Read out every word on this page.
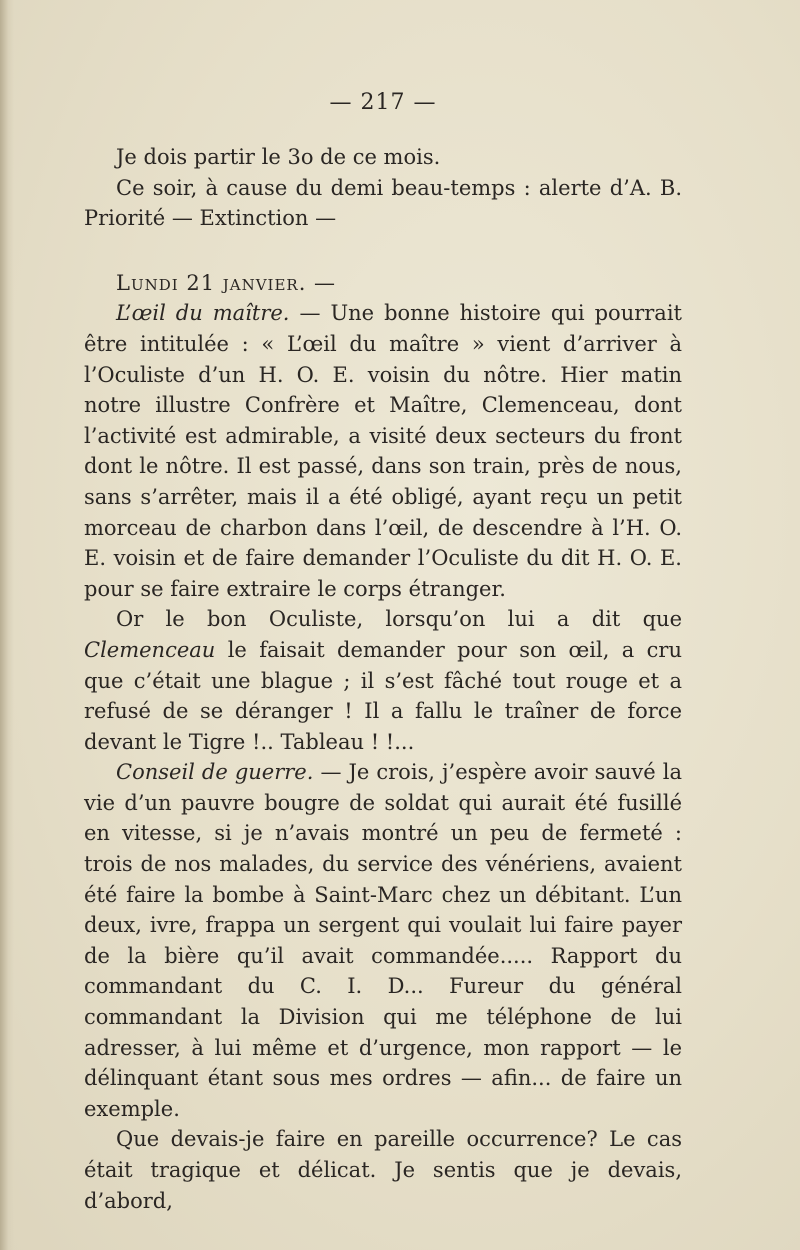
— 217 —

Je dois partir le 3o de ce mois.

Ce soir, à cause du demi beau-temps : alerte d’A. B. Priorité — Extinction —

Lundi 21 janvier. —

L’œil du maître. — Une bonne histoire qui pourrait être intitulée : « L’œil du maître » vient d’arriver à l’Oculiste d’un H. O. E. voisin du nôtre. Hier matin notre illustre Confrère et Maître, Clemenceau, dont l’activité est admirable, a visité deux secteurs du front dont le nôtre. Il est passé, dans son train, près de nous, sans s’arrêter, mais il a été obligé, ayant reçu un petit morceau de charbon dans l’œil, de descendre à l’H. O. E. voisin et de faire demander l’Oculiste du dit H. O. E. pour se faire extraire le corps étranger.

Or le bon Oculiste, lorsqu’on lui a dit que Clemenceau le faisait demander pour son œil, a cru que c’était une blague ; il s’est fâché tout rouge et a refusé de se déranger ! Il a fallu le traîner de force devant le Tigre !.. Tableau ! !...

Conseil de guerre. — Je crois, j’espère avoir sauvé la vie d’un pauvre bougre de soldat qui aurait été fusillé en vitesse, si je n’avais montré un peu de fermeté : trois de nos malades, du service des vénériens, avaient été faire la bombe à Saint-Marc chez un débitant. L’un deux, ivre, frappa un sergent qui voulait lui faire payer de la bière qu’il avait commandée..... Rapport du commandant du C. I. D... Fureur du général commandant la Division qui me téléphone de lui adresser, à lui même et d’urgence, mon rapport — le délinquant étant sous mes ordres — afin... de faire un exemple.

Que devais-je faire en pareille occurrence? Le cas était tragique et délicat. Je sentis que je devais, d’abord,
